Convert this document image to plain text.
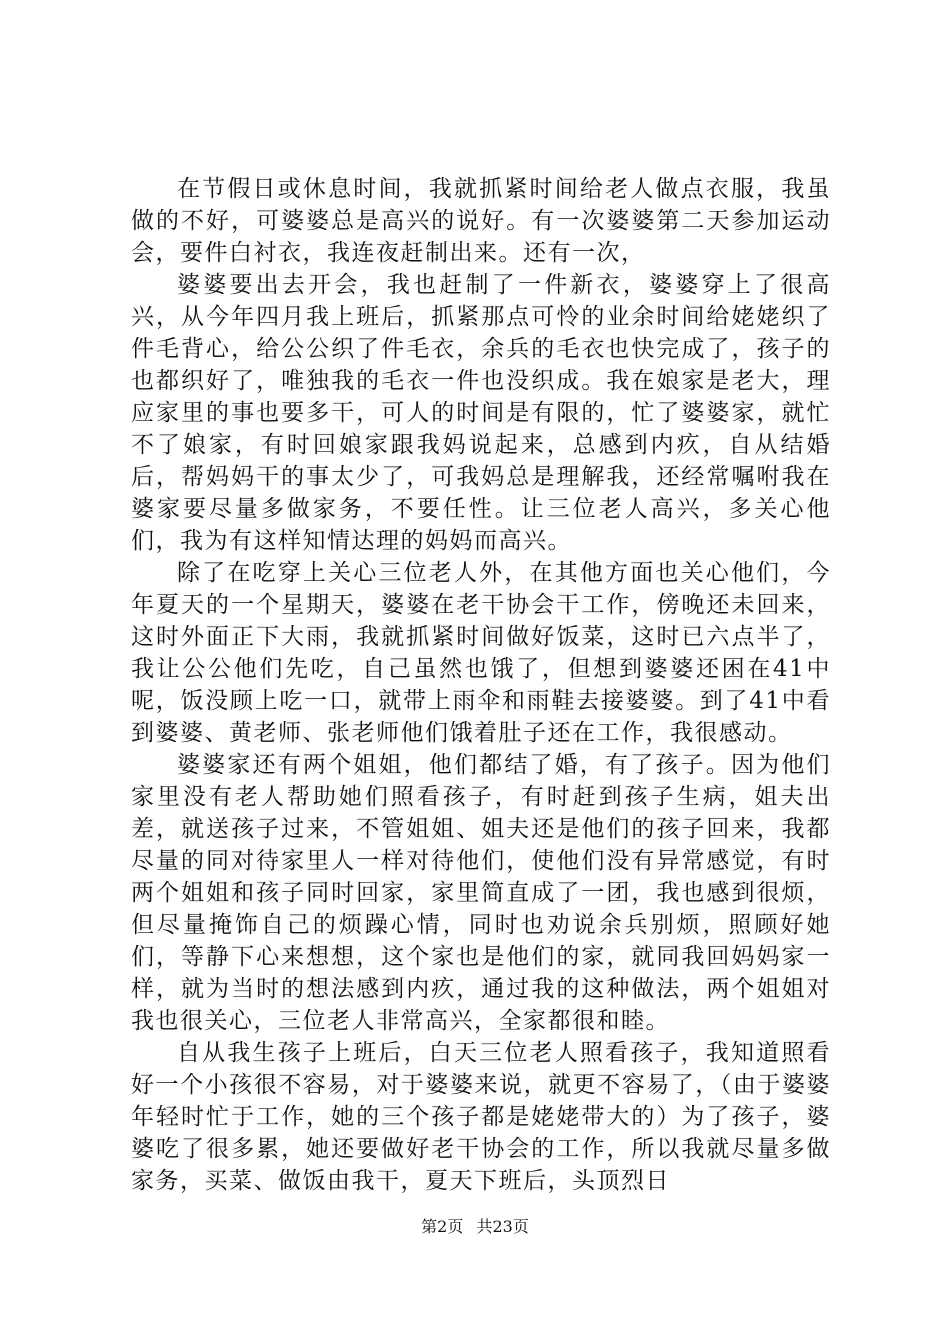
在节假日或休息时间，我就抓紧时间给老人做点衣服，我虽做的不好，可婆婆总是高兴的说好。有一次婆婆第二天参加运动会，要件白衬衣，我连夜赶制出来。还有一次，

婆婆要出去开会，我也赶制了一件新衣，婆婆穿上了很高兴，从今年四月我上班后，抓紧那点可怜的业余时间给姥姥织了件毛背心，给公公织了件毛衣，余兵的毛衣也快完成了，孩子的也都织好了，唯独我的毛衣一件也没织成。我在娘家是老大，理应家里的事也要多干，可人的时间是有限的，忙了婆婆家，就忙不了娘家，有时回娘家跟我妈说起来，总感到内疚，自从结婚后，帮妈妈干的事太少了，可我妈总是理解我，还经常嘱咐我在婆家要尽量多做家务，不要任性。让三位老人高兴，多关心他们，我为有这样知情达理的妈妈而高兴。

除了在吃穿上关心三位老人外，在其他方面也关心他们，今年夏天的一个星期天，婆婆在老干协会干工作，傍晚还未回来，这时外面正下大雨，我就抓紧时间做好饭菜，这时已六点半了，我让公公他们先吃，自己虽然也饿了，但想到婆婆还困在41中呢，饭没顾上吃一口，就带上雨伞和雨鞋去接婆婆。到了41中看到婆婆、黄老师、张老师他们饿着肚子还在工作，我很感动。

婆婆家还有两个姐姐，他们都结了婚，有了孩子。因为他们家里没有老人帮助她们照看孩子，有时赶到孩子生病，姐夫出差，就送孩子过来，不管姐姐、姐夫还是他们的孩子回来，我都尽量的同对待家里人一样对待他们，使他们没有异常感觉，有时两个姐姐和孩子同时回家，家里简直成了一团，我也感到很烦，但尽量掩饰自己的烦躁心情，同时也劝说余兵别烦，照顾好她们，等静下心来想想，这个家也是他们的家，就同我回妈妈家一样，就为当时的想法感到内疚，通过我的这种做法，两个姐姐对我也很关心，三位老人非常高兴，全家都很和睦。

自从我生孩子上班后，白天三位老人照看孩子，我知道照看好一个小孩很不容易，对于婆婆来说，就更不容易了，（由于婆婆年轻时忙于工作，她的三个孩子都是姥姥带大的）为了孩子，婆婆吃了很多累，她还要做好老干协会的工作，所以我就尽量多做家务，买菜、做饭由我干，夏天下班后，头顶烈日

第2页 共23页
